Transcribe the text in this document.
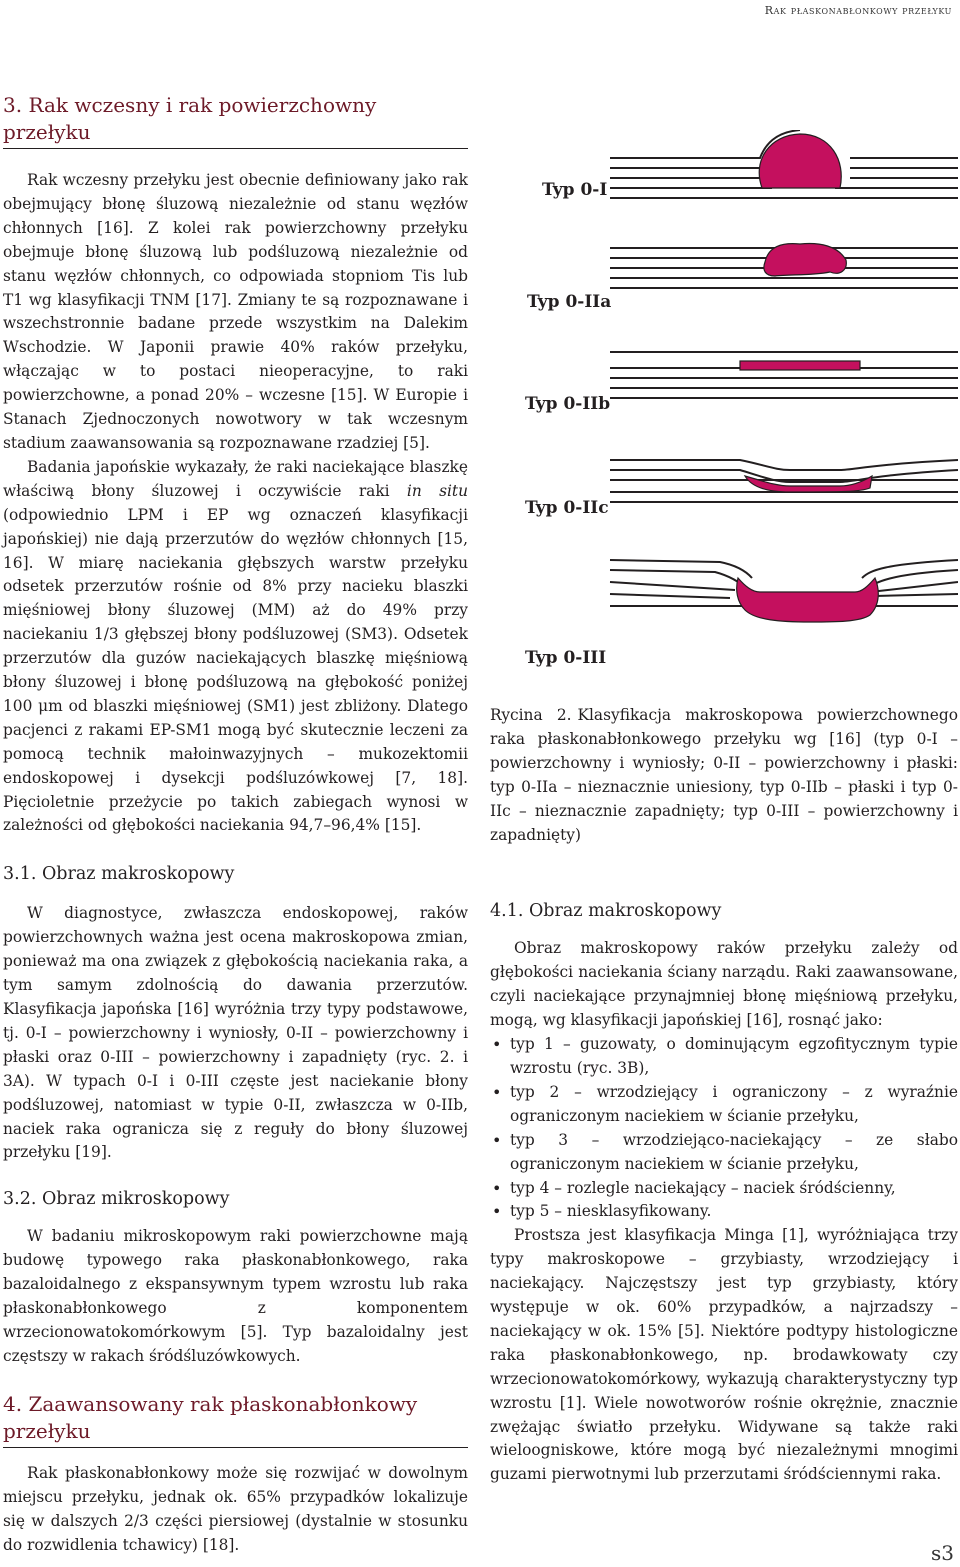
Rak płaskonabłonkowy przełyku
3. Rak wczesny i rak powierzchowny przełyku

Rak wczesny przełyku jest obecnie definiowany jako rak obejmujący błonę śluzową niezależnie od stanu węzłów chłonnych [16]. Z kolei rak powierzchowny przełyku obejmuje błonę śluzową lub podśluzową niezależnie od stanu węzłów chłonnych, co odpowiada stopniom Tis lub T1 wg klasyfikacji TNM [17]. Zmiany te są rozpoznawane i wszechstronnie badane przede wszystkim na Dalekim Wschodzie. W Japonii prawie 40% raków przełyku, włączając w to postaci nieoperacyjne, to raki powierzchowne, a ponad 20% – wczesne [15]. W Europie i Stanach Zjednoczonych nowotwory w tak wczesnym stadium zaawansowania są rozpoznawane rzadziej [5].

Badania japońskie wykazały, że raki naciekające blaszkę właściwą błony śluzowej i oczywiście raki in situ (odpowiednio LPM i EP wg oznaczeń klasyfikacji japońskiej) nie dają przerzutów do węzłów chłonnych [15, 16]. W miarę naciekania głębszych warstw przełyku odsetek przerzutów rośnie od 8% przy nacieku blaszki mięśniowej błony śluzowej (MM) aż do 49% przy naciekaniu 1/3 głębszej błony podśluzowej (SM3). Odsetek przerzutów dla guzów naciekających blaszkę mięśniową błony śluzowej i błonę podśluzową na głębokość poniżej 100 μm od blaszki mięśniowej (SM1) jest zbliżony. Dlatego pacjenci z rakami EP-SM1 mogą być skutecznie leczeni za pomocą technik małoinwazyjnych – mukozektomii endoskopowej i dysekcji podśluzówkowej [7, 18]. Pięcioletnie przeżycie po takich zabiegach wynosi w zależności od głębokości naciekania 94,7–96,4% [15].

3.1. Obraz makroskopowy

W diagnostyce, zwłaszcza endoskopowej, raków powierzchownych ważna jest ocena makroskopowa zmian, ponieważ ma ona związek z głębokością naciekania raka, a tym samym zdolnością do dawania przerzutów. Klasyfikacja japońska [16] wyróżnia trzy typy podstawowe, tj. 0-I – powierzchowny i wyniosły, 0-II – powierzchowny i płaski oraz 0-III – powierzchowny i zapadnięty (ryc. 2. i 3A). W typach 0-I i 0-III częste jest naciekanie błony podśluzowej, natomiast w typie 0-II, zwłaszcza w 0-IIb, naciek raka ogranicza się z reguły do błony śluzowej przełyku [19].

3.2. Obraz mikroskopowy

W badaniu mikroskopowym raki powierzchowne mają budowę typowego raka płaskonabłonkowego, raka bazaloidalnego z ekspansywnym typem wzrostu lub raka płaskonabłonkowego z komponentem wrzecionowatokomórkowym [5]. Typ bazaloidalny jest częstszy w rakach śródśluzówkowych.

4. Zaawansowany rak płaskonabłonkowy przełyku

Rak płaskonabłonkowy może się rozwijać w dowolnym miejscu przełyku, jednak ok. 65% przypadków lokalizuje się w dalszych 2/3 części piersiowej (dystalnie w stosunku do rozwidlenia tchawicy) [18].

Typ 0-I
Typ 0-IIa
Typ 0-IIb
Typ 0-IIc
Typ 0-III
Rycina 2. Klasyfikacja makroskopowa powierzchownego raka płaskonabłonkowego przełyku wg [16] (typ 0-I – powierzchowny i wyniosły; 0-II – powierzchowny i płaski: typ 0-IIa – nieznacznie uniesiony, typ 0-IIb – płaski i typ 0-IIc – nieznacznie zapadnięty; typ 0-III – powierzchowny i zapadnięty)
4.1. Obraz makroskopowy

Obraz makroskopowy raków przełyku zależy od głębokości naciekania ściany narządu. Raki zaawansowane, czyli naciekające przynajmniej błonę mięśniową przełyku, mogą, wg klasyfikacji japońskiej [16], rosnąć jako:

• typ 1 – guzowaty, o dominującym egzofitycznym typie wzrostu (ryc. 3B),
• typ 2 – wrzodziejący i ograniczony – z wyraźnie ograniczonym naciekiem w ścianie przełyku,
• typ 3 – wrzodziejąco-naciekający – ze słabo ograniczonym naciekiem w ścianie przełyku,
• typ 4 – rozlegle naciekający – naciek śródścienny,
• typ 5 – niesklasyfikowany.

Prostsza jest klasyfikacja Minga [1], wyróżniająca trzy typy makroskopowe – grzybiasty, wrzodziejący i naciekający. Najczęstszy jest typ grzybiasty, który występuje w ok. 60% przypadków, a najrzadszy – naciekający w ok. 15% [5]. Niektóre podtypy histologiczne raka płaskonabłonkowego, np. brodawkowaty czy wrzecionowatokomórkowy, wykazują charakterystyczny typ wzrostu [1]. Wiele nowotworów rośnie okrężnie, znacznie zwężając światło przełyku. Widywane są także raki wieloogniskowe, które mogą być niezależnymi mnogimi guzami pierwotnymi lub przerzutami śródściennymi raka.

s3
